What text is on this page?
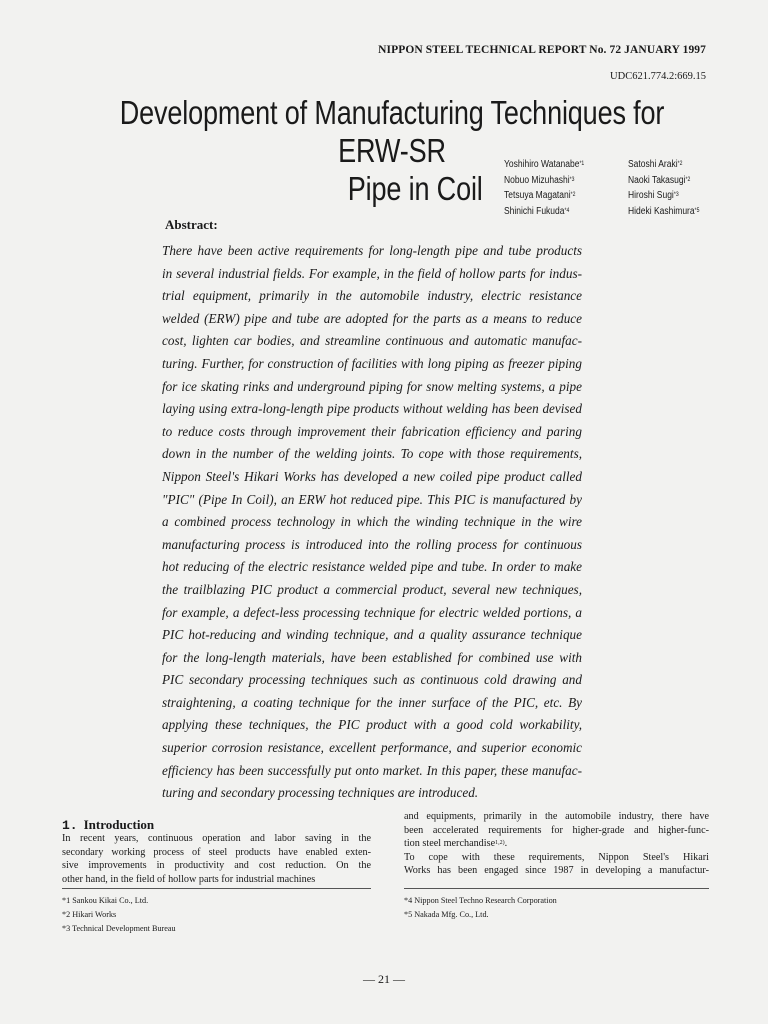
NIPPON STEEL TECHNICAL REPORT No. 72 JANUARY 1997
UDC621.774.2:669.15
Development of Manufacturing Techniques for ERW-SR
Pipe in Coil
Yoshihiro Watanabe$^{*1}$
Nobuo Mizuhashi$^{*3}$
Tetsuya Magatani$^{*2}$
Shinichi Fukuda$^{*4}$
Satoshi Araki$^{*2}$
Naoki Takasugi$^{*2}$
Hiroshi Sugi$^{*3}$
Hideki Kashimura$^{*5}$
Abstract:
There have been active requirements for long-length pipe and tube products
in several industrial fields. For example, in the field of hollow parts for indus-
trial equipment, primarily in the automobile industry, electric resistance
welded (ERW) pipe and tube are adopted for the parts as a means to reduce
cost, lighten car bodies, and streamline continuous and automatic manufac-
turing. Further, for construction of facilities with long piping as freezer piping
for ice skating rinks and underground piping for snow melting systems, a pipe
laying using extra-long-length pipe products without welding has been devised
to reduce costs through improvement their fabrication efficiency and paring
down in the number of the welding joints. To cope with those requirements,
Nippon Steel's Hikari Works has developed a new coiled pipe product called
"PIC" (Pipe In Coil), an ERW hot reduced pipe. This PIC is manufactured by
a combined process technology in which the winding technique in the wire
manufacturing process is introduced into the rolling process for continuous
hot reducing of the electric resistance welded pipe and tube. In order to make
the trailblazing PIC product a commercial product, several new techniques,
for example, a defect-less processing technique for electric welded portions, a
PIC hot-reducing and winding technique, and a quality assurance technique
for the long-length materials, have been established for combined use with
PIC secondary processing techniques such as continuous cold drawing and
straightening, a coating technique for the inner surface of the PIC, etc. By
applying these techniques, the PIC product with a good cold workability,
superior corrosion resistance, excellent performance, and superior economic
efficiency has been successfully put onto market. In this paper, these manufac-
turing and secondary processing techniques are introduced.
1. Introduction
In recent years, continuous operation and labor saving in the
secondary working process of steel products have enabled exten-
sive improvements in productivity and cost reduction. On the
other hand, in the field of hollow parts for industrial machines
and equipments, primarily in the automobile industry, there have
been accelerated requirements for higher-grade and higher-func-
tion steel merchandise$^{1,2)}$.
To cope with these requirements, Nippon Steel's Hikari
Works has been engaged since 1987 in developing a manufactur-
*1 Sankou Kikai Co., Ltd.
*2 Hikari Works
*3 Technical Development Bureau
*4 Nippon Steel Techno Research Corporation
*5 Nakada Mfg. Co., Ltd.
— 21 —
